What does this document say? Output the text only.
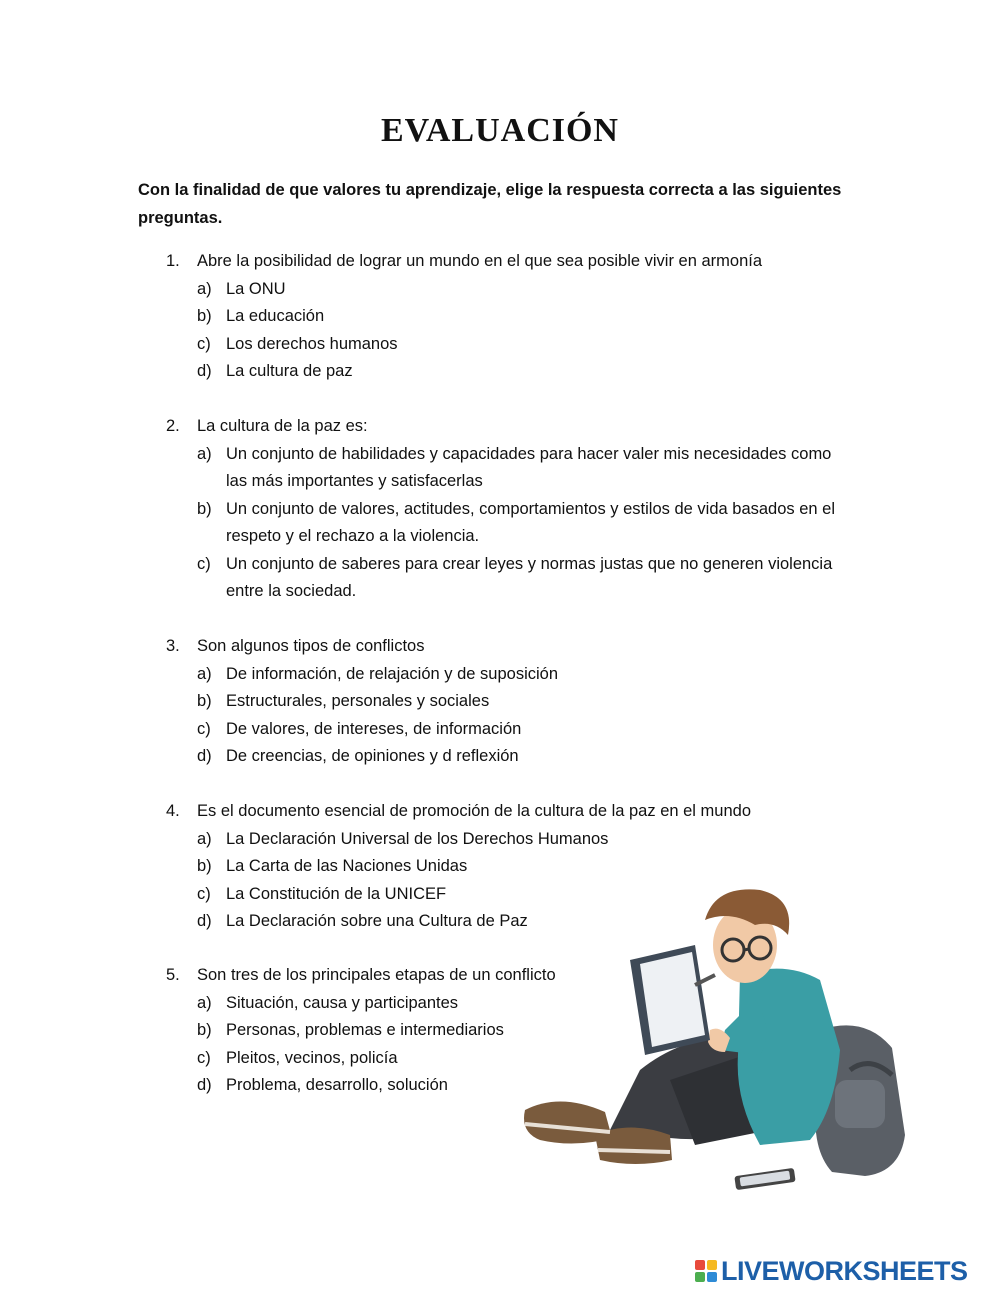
EVALUACIÓN
Con la finalidad de que valores tu aprendizaje, elige la respuesta correcta a las siguientes preguntas.
1.	Abre la posibilidad de lograr un mundo en el que sea posible vivir en armonía
a) La ONU
b) La educación
c) Los derechos humanos
d) La cultura de paz
2.	La cultura de la paz es:
a) Un conjunto de habilidades y capacidades para hacer valer mis necesidades como las más importantes y satisfacerlas
b) Un conjunto de valores, actitudes, comportamientos y estilos de vida basados en el respeto y el rechazo a la violencia.
c) Un conjunto de saberes para crear leyes y normas justas que no generen violencia entre la sociedad.
3.	Son algunos tipos de conflictos
a) De información, de relajación y de suposición
b) Estructurales, personales y sociales
c) De valores, de intereses, de información
d) De creencias, de opiniones y d reflexión
4.	Es el documento esencial de promoción de la cultura de la paz en el mundo
a) La Declaración Universal de los Derechos Humanos
b) La Carta de las Naciones Unidas
c) La Constitución de la UNICEF
d) La Declaración sobre una Cultura de Paz
5.	Son tres de los principales etapas de un conflicto
a) Situación, causa y participantes
b) Personas, problemas e intermediarios
c) Pleitos, vecinos, policía
d) Problema, desarrollo, solución
LIVEWORKSHEETS
